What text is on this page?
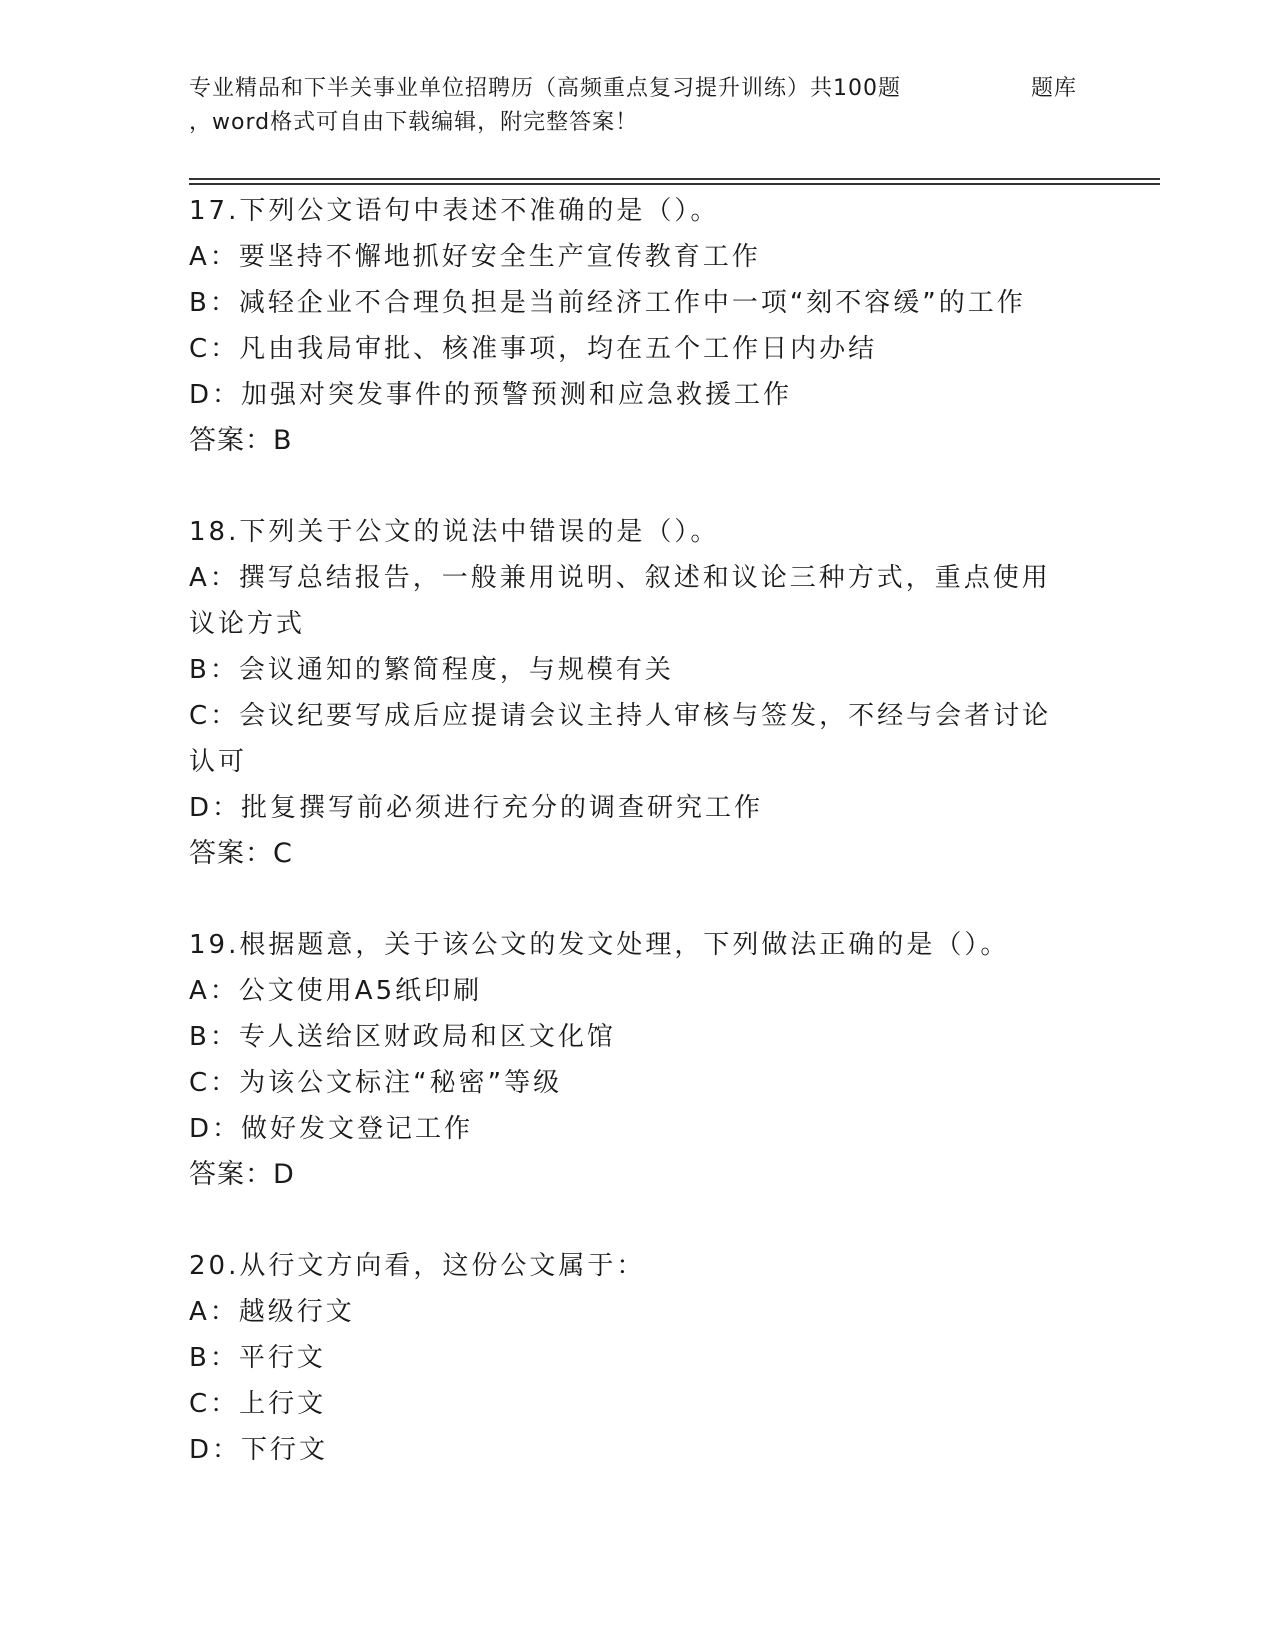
专业精品和下半关事业单位招聘历（高频重点复习提升训练）共100题	题库
，word格式可自由下载编辑，附完整答案！
17.下列公文语句中表述不准确的是（）。
A：要坚持不懈地抓好安全生产宣传教育工作
B：减轻企业不合理负担是当前经济工作中一项“刻不容缓”的工作
C：凡由我局审批、核准事项，均在五个工作日内办结
D：加强对突发事件的预警预测和应急救援工作
答案：B
18.下列关于公文的说法中错误的是（）。
A：撰写总结报告，一般兼用说明、叙述和议论三种方式，重点使用议论方式
B：会议通知的繁简程度，与规模有关
C：会议纪要写成后应提请会议主持人审核与签发，不经与会者讨论认可
D：批复撰写前必须进行充分的调查研究工作
答案：C
19.根据题意，关于该公文的发文处理，下列做法正确的是（）。
A：公文使用A5纸印刷
B：专人送给区财政局和区文化馆
C：为该公文标注“秘密”等级
D：做好发文登记工作
答案：D
20.从行文方向看，这份公文属于：
A：越级行文
B：平行文
C：上行文
D：下行文
